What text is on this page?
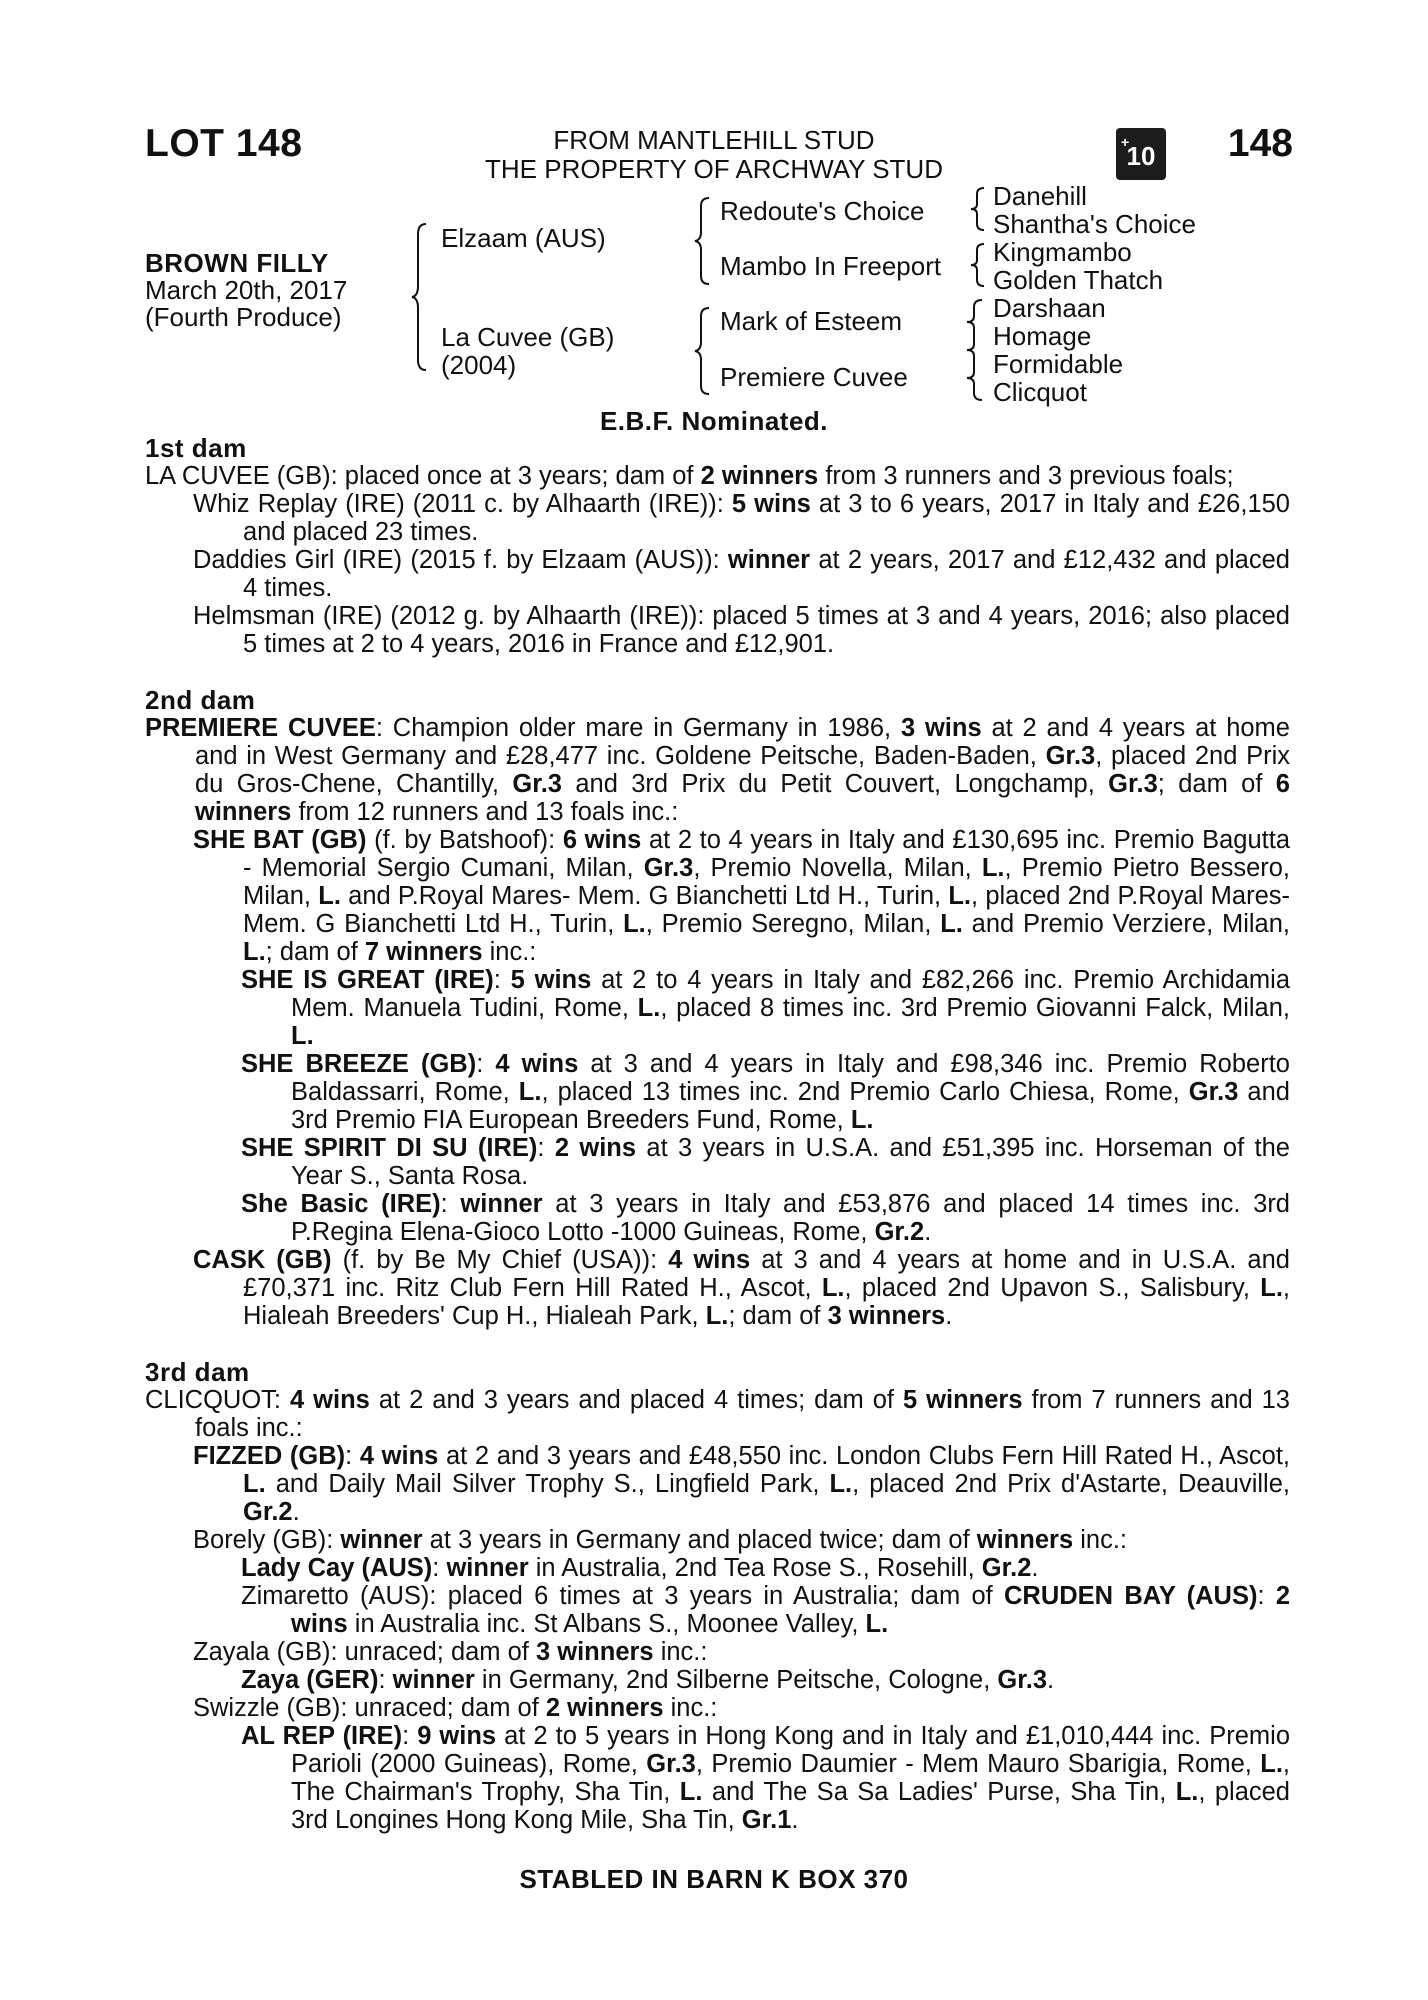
LOT 148	FROM MANTLEHILL STUD
THE PROPERTY OF ARCHWAY STUD
+
10 148
BROWN FILLY
March 20th, 2017
(Fourth Produce)
Elzaam (AUS)
La Cuvee (GB)
(2004)
Redoute's Choice
Mambo In Freeport
Mark of Esteem
Premiere Cuvee
Danehill
Shantha's Choice
Kingmambo
Golden Thatch
Darshaan
Homage
Formidable
Clicquot
E.B.F. Nominated.

1st dam

LA CUVEE (GB): placed once at 3 years; dam of 2 winners from 3 runners and 3 previous foals;

Whiz Replay (IRE) (2011 c. by Alhaarth (IRE)): 5 wins at 3 to 6 years, 2017 in Italy and £26,150 and placed 23 times.

Daddies Girl (IRE) (2015 f. by Elzaam (AUS)): winner at 2 years, 2017 and £12,432 and placed 4 times.

Helmsman (IRE) (2012 g. by Alhaarth (IRE)): placed 5 times at 3 and 4 years, 2016; also placed 5 times at 2 to 4 years, 2016 in France and £12,901.

2nd dam

PREMIERE CUVEE: Champion older mare in Germany in 1986, 3 wins at 2 and 4 years at home and in West Germany and £28,477 inc. Goldene Peitsche, Baden-Baden, Gr.3, placed 2nd Prix du Gros-Chene, Chantilly, Gr.3 and 3rd Prix du Petit Couvert, Longchamp, Gr.3; dam of 6 winners from 12 runners and 13 foals inc.:

SHE BAT (GB) (f. by Batshoof): 6 wins at 2 to 4 years in Italy and £130,695 inc. Premio Bagutta - Memorial Sergio Cumani, Milan, Gr.3, Premio Novella, Milan, L., Premio Pietro Bessero, Milan, L. and P.Royal Mares- Mem. G Bianchetti Ltd H., Turin, L., placed 2nd P.Royal Mares- Mem. G Bianchetti Ltd H., Turin, L., Premio Seregno, Milan, L. and Premio Verziere, Milan, L.; dam of 7 winners inc.:

SHE IS GREAT (IRE): 5 wins at 2 to 4 years in Italy and £82,266 inc. Premio Archidamia Mem. Manuela Tudini, Rome, L., placed 8 times inc. 3rd Premio Giovanni Falck, Milan, L.

SHE BREEZE (GB): 4 wins at 3 and 4 years in Italy and £98,346 inc. Premio Roberto Baldassarri, Rome, L., placed 13 times inc. 2nd Premio Carlo Chiesa, Rome, Gr.3 and 3rd Premio FIA European Breeders Fund, Rome, L.

SHE SPIRIT DI SU (IRE): 2 wins at 3 years in U.S.A. and £51,395 inc. Horseman of the Year S., Santa Rosa.

She Basic (IRE): winner at 3 years in Italy and £53,876 and placed 14 times inc. 3rd P.Regina Elena-Gioco Lotto -1000 Guineas, Rome, Gr.2.

CASK (GB) (f. by Be My Chief (USA)): 4 wins at 3 and 4 years at home and in U.S.A. and £70,371 inc. Ritz Club Fern Hill Rated H., Ascot, L., placed 2nd Upavon S., Salisbury, L., Hialeah Breeders' Cup H., Hialeah Park, L.; dam of 3 winners.

3rd dam

CLICQUOT: 4 wins at 2 and 3 years and placed 4 times; dam of 5 winners from 7 runners and 13 foals inc.:

FIZZED (GB): 4 wins at 2 and 3 years and £48,550 inc. London Clubs Fern Hill Rated H., Ascot, L. and Daily Mail Silver Trophy S., Lingfield Park, L., placed 2nd Prix d'Astarte, Deauville, Gr.2.

Borely (GB): winner at 3 years in Germany and placed twice; dam of winners inc.:

Lady Cay (AUS): winner in Australia, 2nd Tea Rose S., Rosehill, Gr.2.

Zimaretto (AUS): placed 6 times at 3 years in Australia; dam of CRUDEN BAY (AUS): 2 wins in Australia inc. St Albans S., Moonee Valley, L.

Zayala (GB): unraced; dam of 3 winners inc.:

Zaya (GER): winner in Germany, 2nd Silberne Peitsche, Cologne, Gr.3.

Swizzle (GB): unraced; dam of 2 winners inc.:

AL REP (IRE): 9 wins at 2 to 5 years in Hong Kong and in Italy and £1,010,444 inc. Premio Parioli (2000 Guineas), Rome, Gr.3, Premio Daumier - Mem Mauro Sbarigia, Rome, L., The Chairman's Trophy, Sha Tin, L. and The Sa Sa Ladies' Purse, Sha Tin, L., placed 3rd Longines Hong Kong Mile, Sha Tin, Gr.1.

STABLED IN BARN K BOX 370
